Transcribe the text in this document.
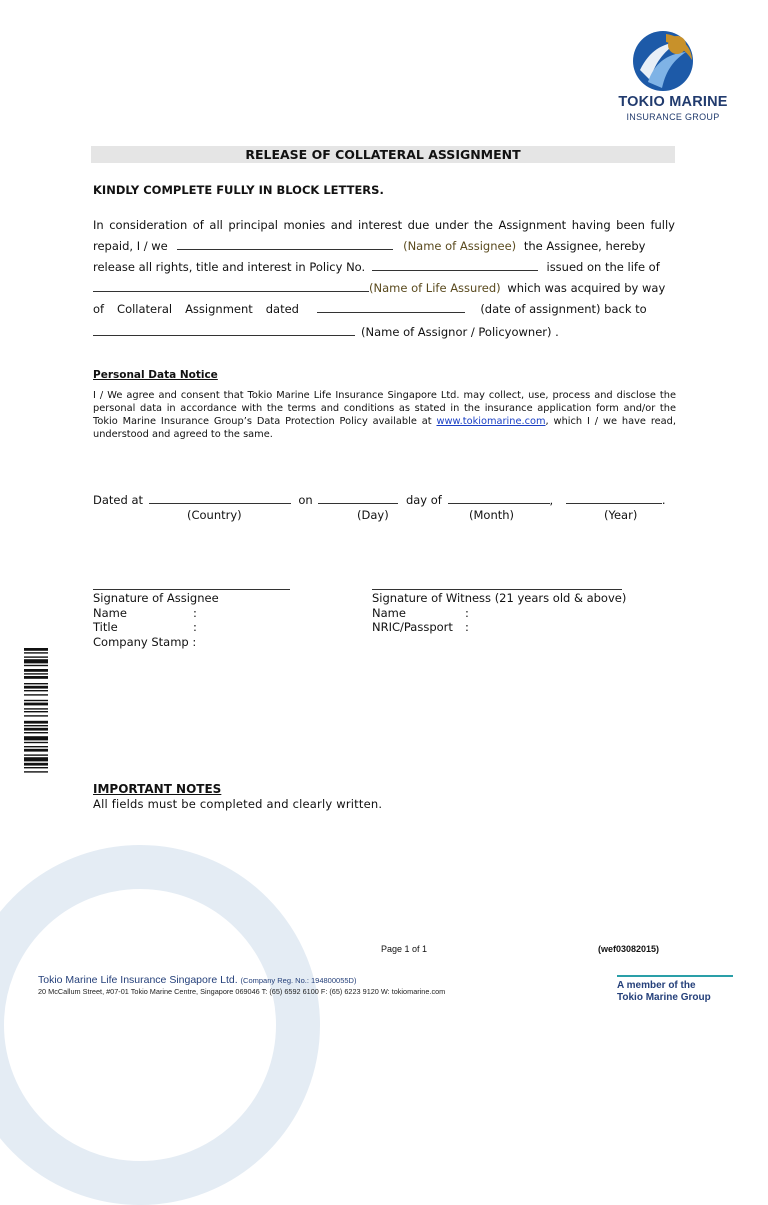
TOKIO MARINE
INSURANCE GROUP
RELEASE OF COLLATERAL ASSIGNMENT
KINDLY COMPLETE FULLY IN BLOCK LETTERS.
In consideration of all principal monies and interest due under the Assignment having been fully
repaid, I / we	(Name of Assignee) the Assignee, hereby
release all rights, title and interest in Policy No.	issued on the life of
(Name of Life Assured) which was acquired by way
of Collateral Assignment dated	(date of assignment) back to
(Name of Assignor / Policyowner) .
Personal Data Notice
I / We agree and consent that Tokio Marine Life Insurance Singapore Ltd. may collect, use, process and disclose the personal data in accordance with the terms and conditions as stated in the insurance application form and/or the Tokio Marine Insurance Group’s Data Protection Policy available at www.tokiomarine.com, which I / we have read, understood and agreed to the same.
Dated at	on	day of	,	.
(Country)	(Day)	(Month)	(Year)
Signature of Assignee
Name	:
Title	:
Company Stamp :
Signature of Witness (21 years old & above)
Name	:
NRIC/Passport :
IMPORTANT NOTES
All fields must be completed and clearly written.
Page 1 of 1	(wef03082015)
Tokio Marine Life Insurance Singapore Ltd. (Company Reg. No.: 194800055D)
20 McCallum Street, #07-01 Tokio Marine Centre, Singapore 069046 T: (65) 6592 6100 F: (65) 6223 9120 W: tokiomarine.com
A member of the
Tokio Marine Group
